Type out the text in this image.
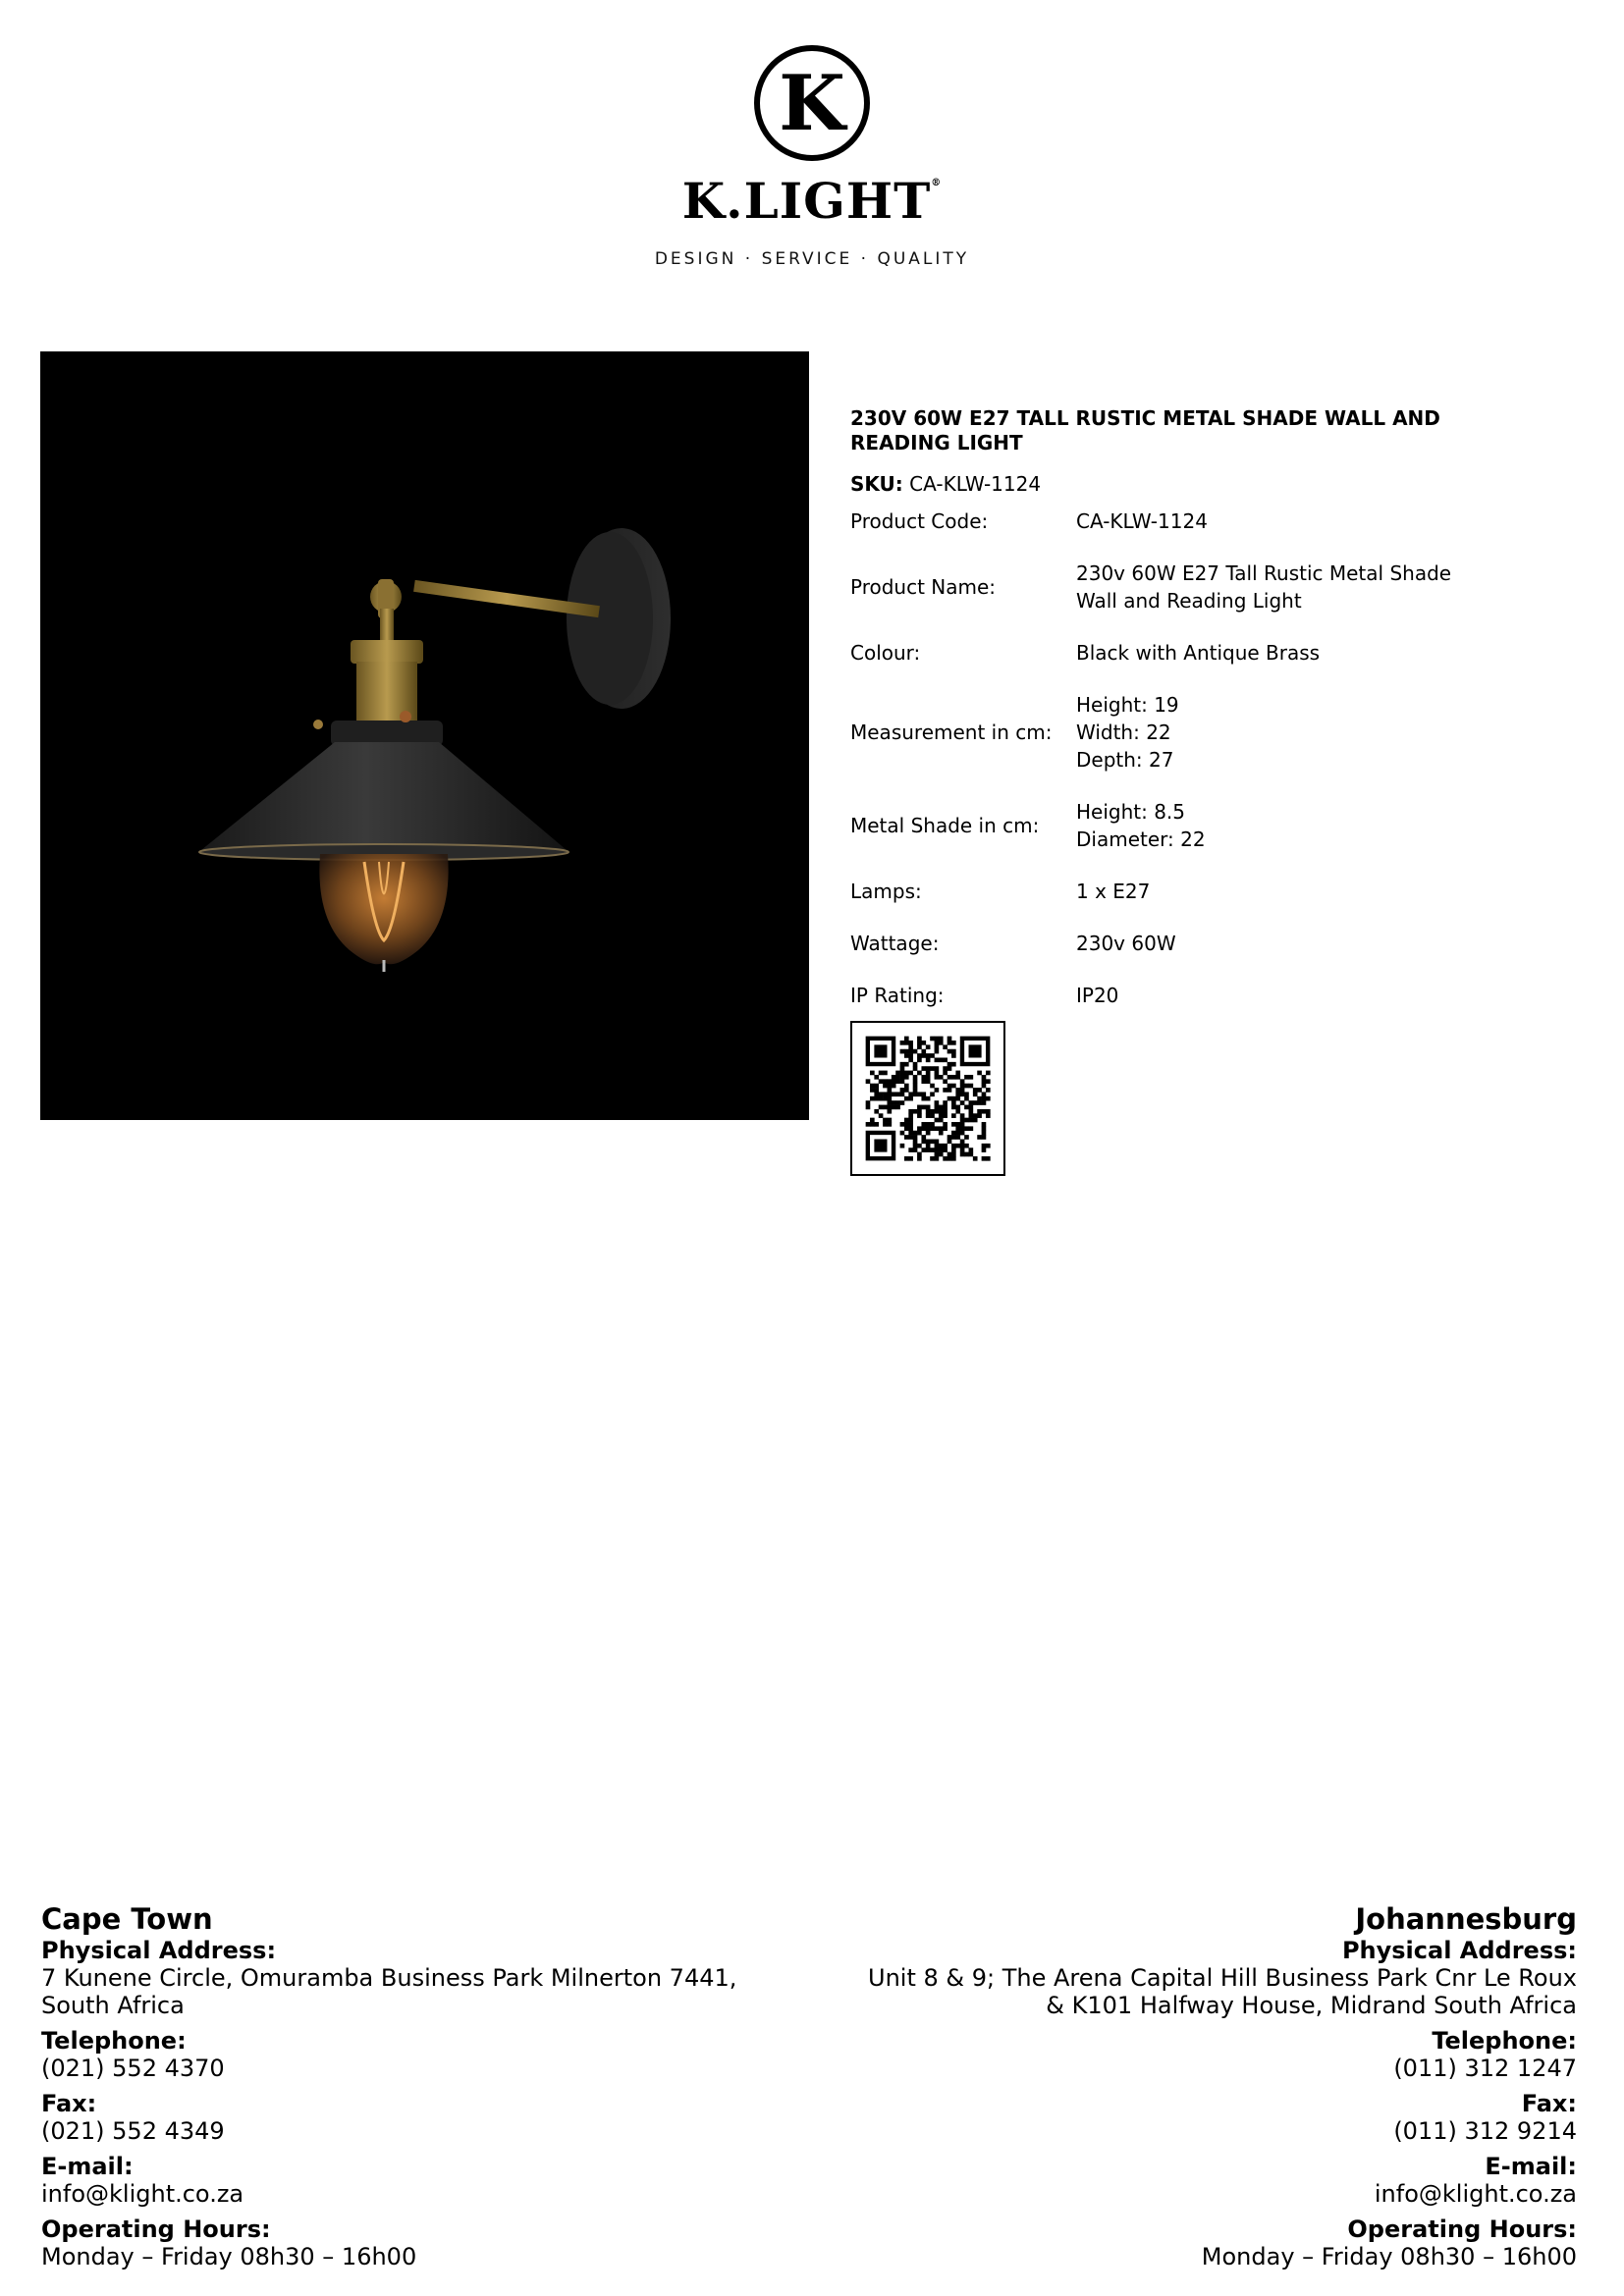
K
K.LIGHT®
DESIGN · SERVICE · QUALITY
230V 60W E27 TALL RUSTIC METAL SHADE WALL AND READING LIGHT
SKU: CA-KLW-1124
Product Code:	CA-KLW-1124

Product Name:	230v 60W E27 Tall Rustic Metal Shade
Wall and Reading Light

Colour:	Black with Antique Brass

Measurement in cm:	Height: 19
Width: 22
Depth: 27

Metal Shade in cm:	Height: 8.5
Diameter: 22

Lamps:	1 x E27

Wattage:	230v 60W

IP Rating:	IP20
Cape Town
Physical Address:
7 Kunene Circle, Omuramba Business Park Milnerton 7441,
South Africa
Telephone:
(021) 552 4370
Fax:
(021) 552 4349
E-mail:
info@klight.co.za
Operating Hours:
Monday – Friday 08h30 – 16h00
Johannesburg
Physical Address:
Unit 8 & 9; The Arena Capital Hill Business Park Cnr Le Roux
& K101 Halfway House, Midrand South Africa
Telephone:
(011) 312 1247
Fax:
(011) 312 9214
E-mail:
info@klight.co.za
Operating Hours:
Monday – Friday 08h30 – 16h00
